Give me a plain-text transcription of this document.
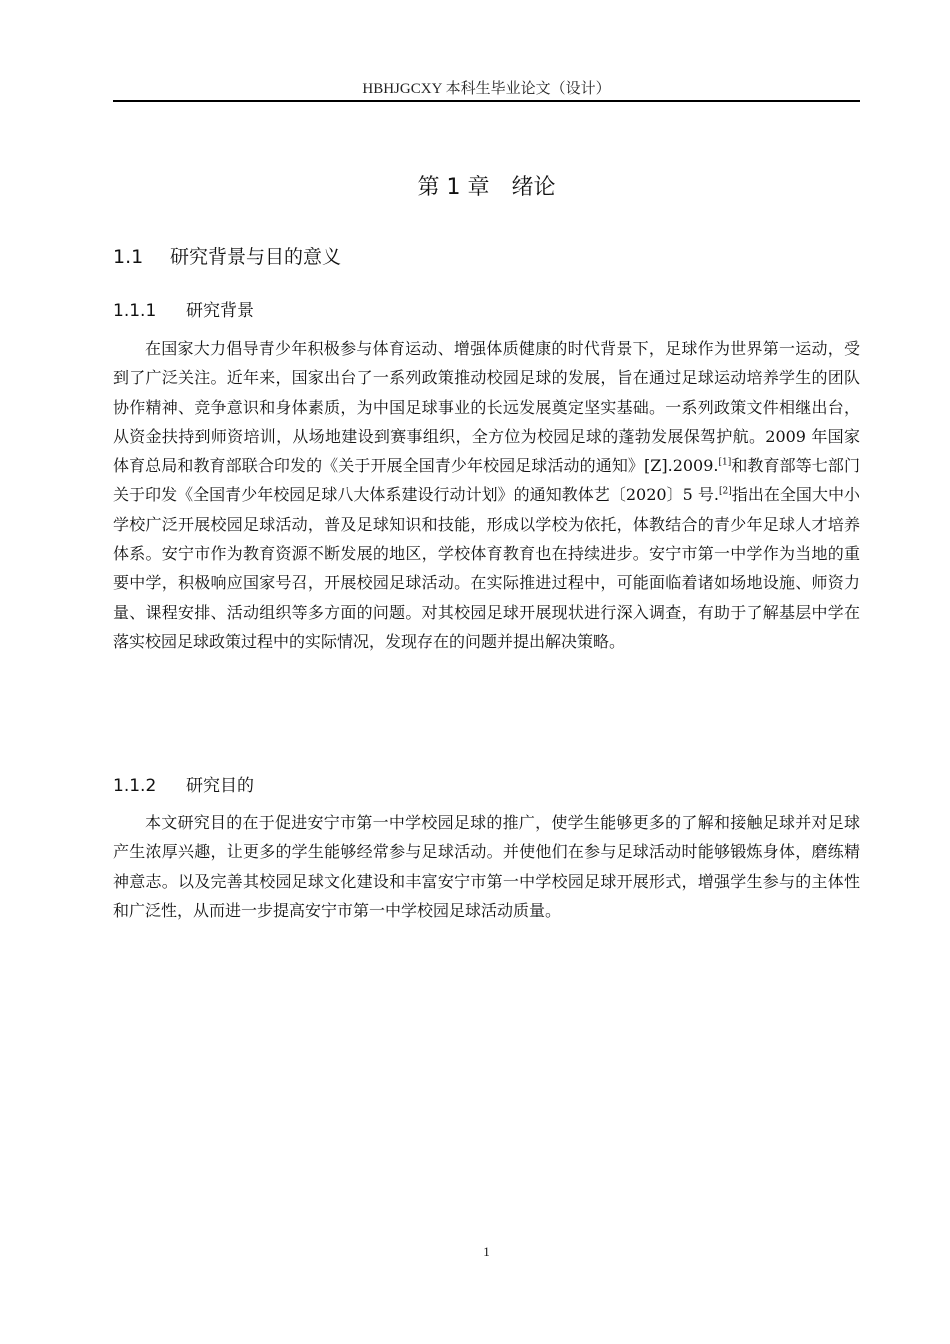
HBHJGCXY 本科生毕业论文（设计）
第 1 章 绪论
1.1 研究背景与目的意义
1.1.1 研究背景

在国家大力倡导青少年积极参与体育运动、增强体质健康的时代背景下，足球作为世界第一运动，受到了广泛关注。近年来，国家出台了一系列政策推动校园足球的发展，旨在通过足球运动培养学生的团队协作精神、竞争意识和身体素质，为中国足球事业的长远发展奠定坚实基础。一系列政策文件相继出台，从资金扶持到师资培训，从场地建设到赛事组织，全方位为校园足球的蓬勃发展保驾护航。2009 年国家体育总局和教育部联合印发的《关于开展全国青少年校园足球活动的通知》[Z].2009.[1]和教育部等七部门关于印发《全国青少年校园足球八大体系建设行动计划》的通知教体艺〔2020〕5 号.[2]指出在全国大中小学校广泛开展校园足球活动，普及足球知识和技能，形成以学校为依托，体教结合的青少年足球人才培养体系。安宁市作为教育资源不断发展的地区，学校体育教育也在持续进步。安宁市第一中学作为当地的重要中学，积极响应国家号召，开展校园足球活动。在实际推进过程中，可能面临着诸如场地设施、师资力量、课程安排、活动组织等多方面的问题。对其校园足球开展现状进行深入调查，有助于了解基层中学在落实校园足球政策过程中的实际情况，发现存在的问题并提出解决策略。

1.1.2 研究目的

本文研究目的在于促进安宁市第一中学校园足球的推广，使学生能够更多的了解和接触足球并对足球产生浓厚兴趣，让更多的学生能够经常参与足球活动。并使他们在参与足球活动时能够锻炼身体，磨练精神意志。以及完善其校园足球文化建设和丰富安宁市第一中学校园足球开展形式，增强学生参与的主体性和广泛性，从而进一步提高安宁市第一中学校园足球活动质量。

1
